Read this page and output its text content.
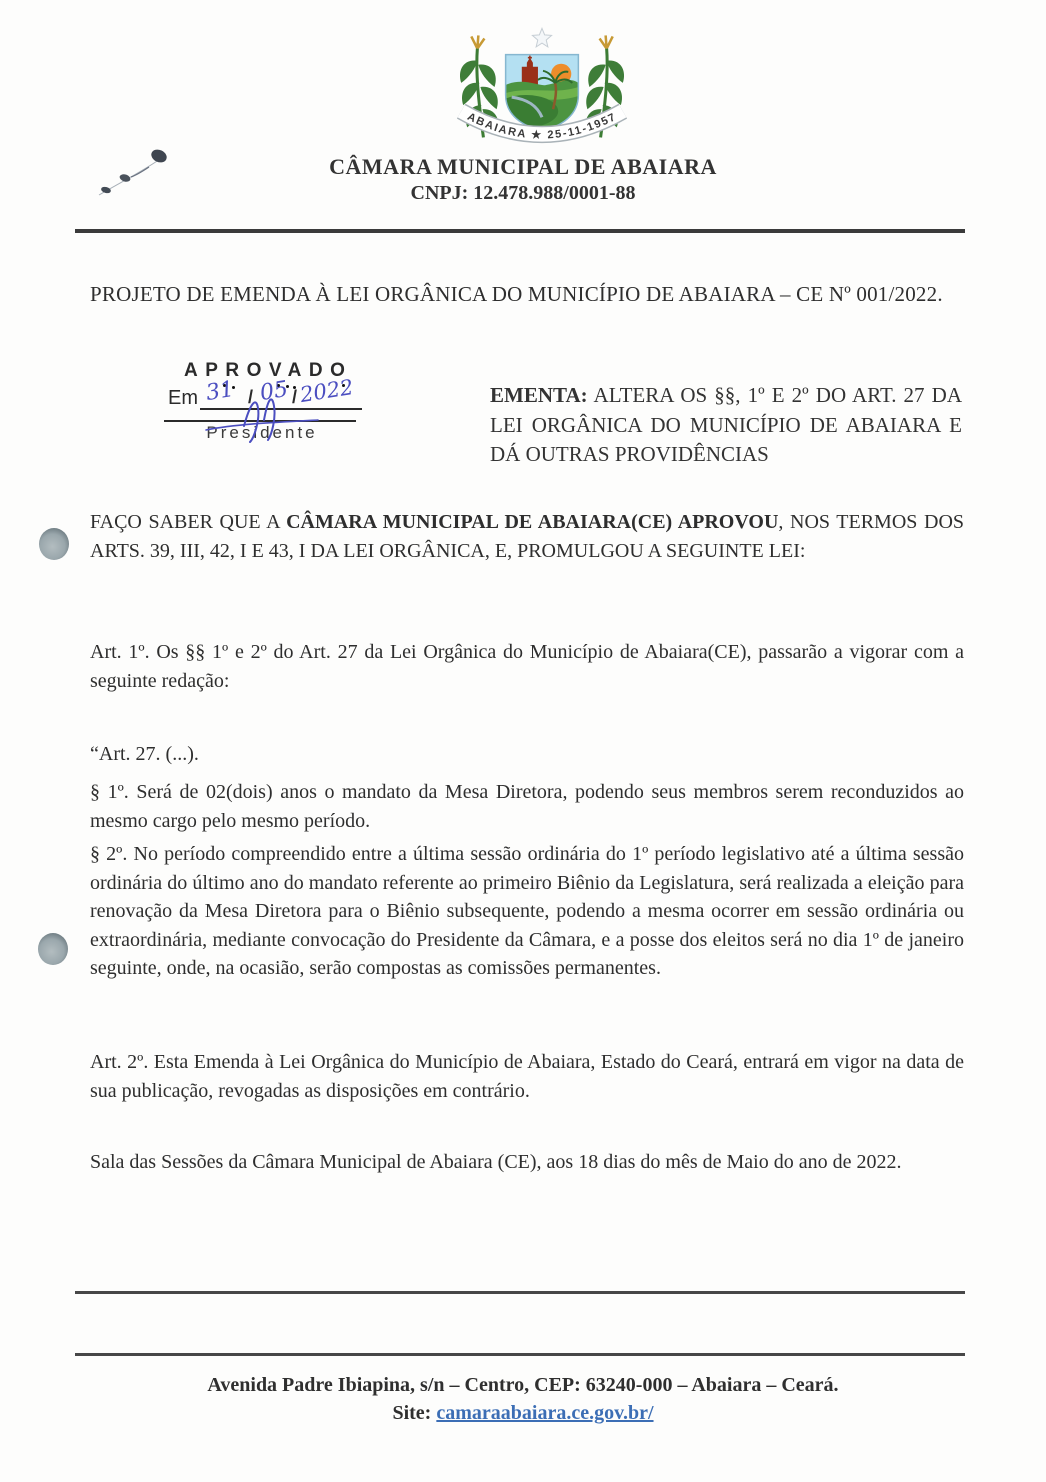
ABAIARA ★ 25-11-1957
CÂMARA MUNICIPAL DE ABAIARA
CNPJ: 12.478.988/0001-88

PROJETO DE EMENDA À LEI ORGÂNICA DO MUNICÍPIO DE ABAIARA – CE Nº 001/2022.

APROVADO
Em	/ /
31 05 2022
Presidente

EMENTA: ALTERA OS §§, 1º E 2º DO ART. 27 DA LEI ORGÂNICA DO MUNICÍPIO DE ABAIARA E DÁ OUTRAS PROVIDÊNCIAS

FAÇO SABER QUE A CÂMARA MUNICIPAL DE ABAIARA(CE) APROVOU, NOS TERMOS DOS ARTS. 39, III, 42, I E 43, I DA LEI ORGÂNICA, E, PROMULGOU A SEGUINTE LEI:

Art. 1º. Os §§ 1º e 2º do Art. 27 da Lei Orgânica do Município de Abaiara(CE), passarão a vigorar com a seguinte redação:

“Art. 27. (...).

§ 1º. Será de 02(dois) anos o mandato da Mesa Diretora, podendo seus membros serem reconduzidos ao mesmo cargo pelo mesmo período.

§ 2º. No período compreendido entre a última sessão ordinária do 1º período legislativo até a última sessão ordinária do último ano do mandato referente ao primeiro Biênio da Legislatura, será realizada a eleição para renovação da Mesa Diretora para o Biênio subsequente, podendo a mesma ocorrer em sessão ordinária ou extraordinária, mediante convocação do Presidente da Câmara, e a posse dos eleitos será no dia 1º de janeiro seguinte, onde, na ocasião, serão compostas as comissões permanentes.

Art. 2º. Esta Emenda à Lei Orgânica do Município de Abaiara, Estado do Ceará, entrará em vigor na data de sua publicação, revogadas as disposições em contrário.

Sala das Sessões da Câmara Municipal de Abaiara (CE), aos 18 dias do mês de Maio do ano de 2022.

Avenida Padre Ibiapina, s/n – Centro, CEP: 63240-000 – Abaiara – Ceará.
Site: camaraabaiara.ce.gov.br/
